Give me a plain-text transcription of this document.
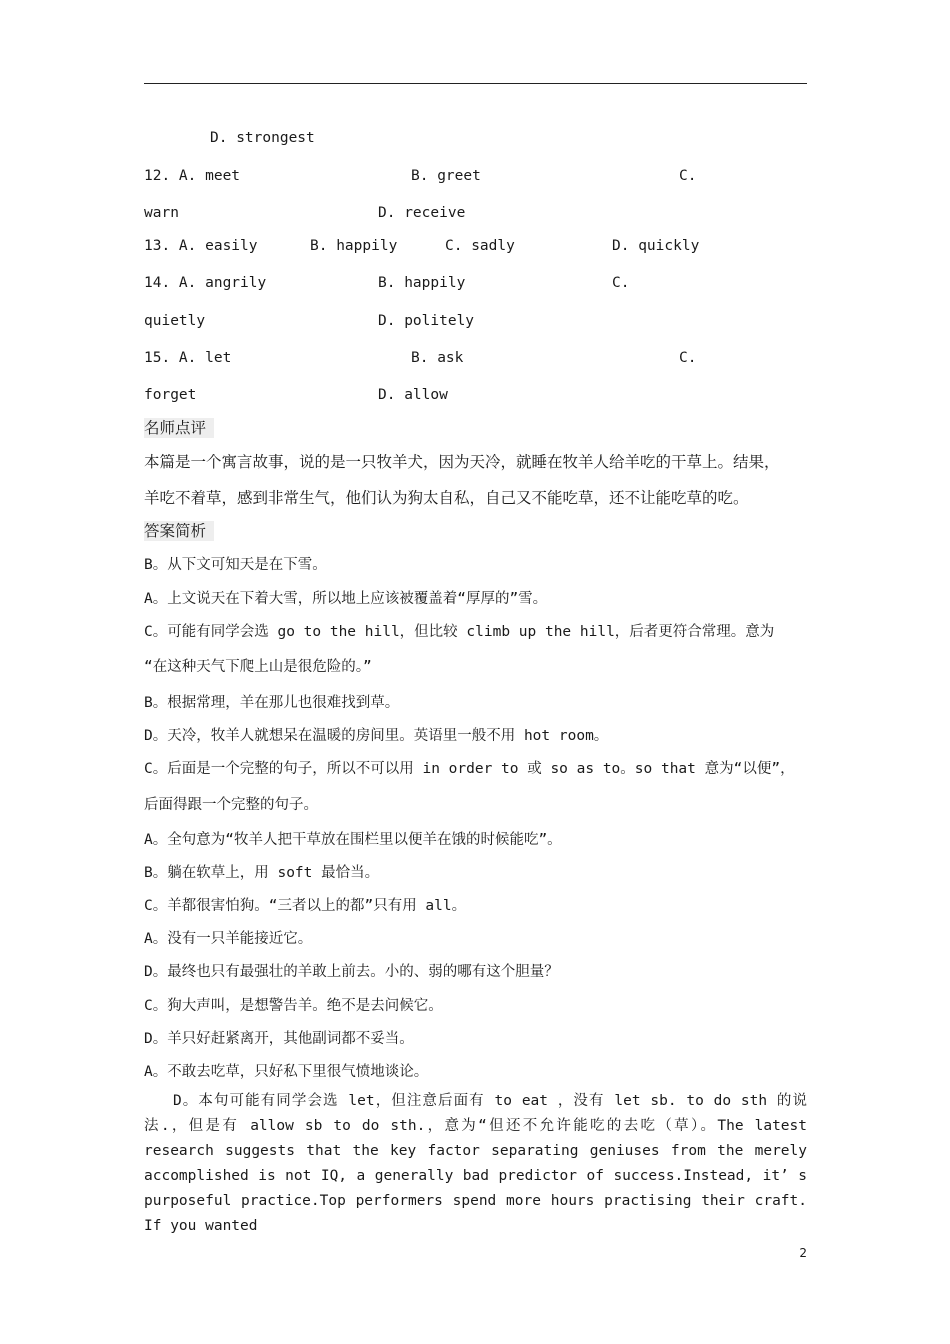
D. strongest
12. A. meet	B. greet	C.
warn	D. receive
13. A. easily	B. happily	C. sadly	D. quickly
14. A. angrily	B. happily	C.
quietly	D. politely
15. A. let	B. ask	C.
forget	D. allow
名师点评
本篇是一个寓言故事，说的是一只牧羊犬，因为天冷，就睡在牧羊人给羊吃的干草上。结果，
羊吃不着草，感到非常生气，他们认为狗太自私，自己又不能吃草，还不让能吃草的吃。
答案简析
B。从下文可知天是在下雪。
A。上文说天在下着大雪，所以地上应该被覆盖着“厚厚的”雪。
C。可能有同学会选 go to the hill，但比较 climb up the hill，后者更符合常理。意为
“在这种天气下爬上山是很危险的。”
B。根据常理，羊在那儿也很难找到草。
D。天冷，牧羊人就想呆在温暖的房间里。英语里一般不用 hot room。
C。后面是一个完整的句子，所以不可以用 in order to 或 so as to。so that 意为“以便”，
后面得跟一个完整的句子。
A。全句意为“牧羊人把干草放在围栏里以便羊在饿的时候能吃”。
B。躺在软草上，用 soft 最恰当。
C。羊都很害怕狗。“三者以上的都”只有用 all。
A。没有一只羊能接近它。
D。最终也只有最强壮的羊敢上前去。小的、弱的哪有这个胆量？
C。狗大声叫，是想警告羊。绝不是去问候它。
D。羊只好赶紧离开，其他副词都不妥当。
A。不敢去吃草，只好私下里很气愤地谈论。
D。本句可能有同学会选 let，但注意后面有 to eat ，没有 let sb. to do sth 的说法.，但是有 allow sb to do sth.，意为“但还不允许能吃的去吃（草）。The latest research suggests that the key factor separating geniuses from the merely accomplished is not IQ, a generally bad predictor of success.Instead, it’ s purposeful practice.Top performers spend more hours practising their craft. If you wanted
2
